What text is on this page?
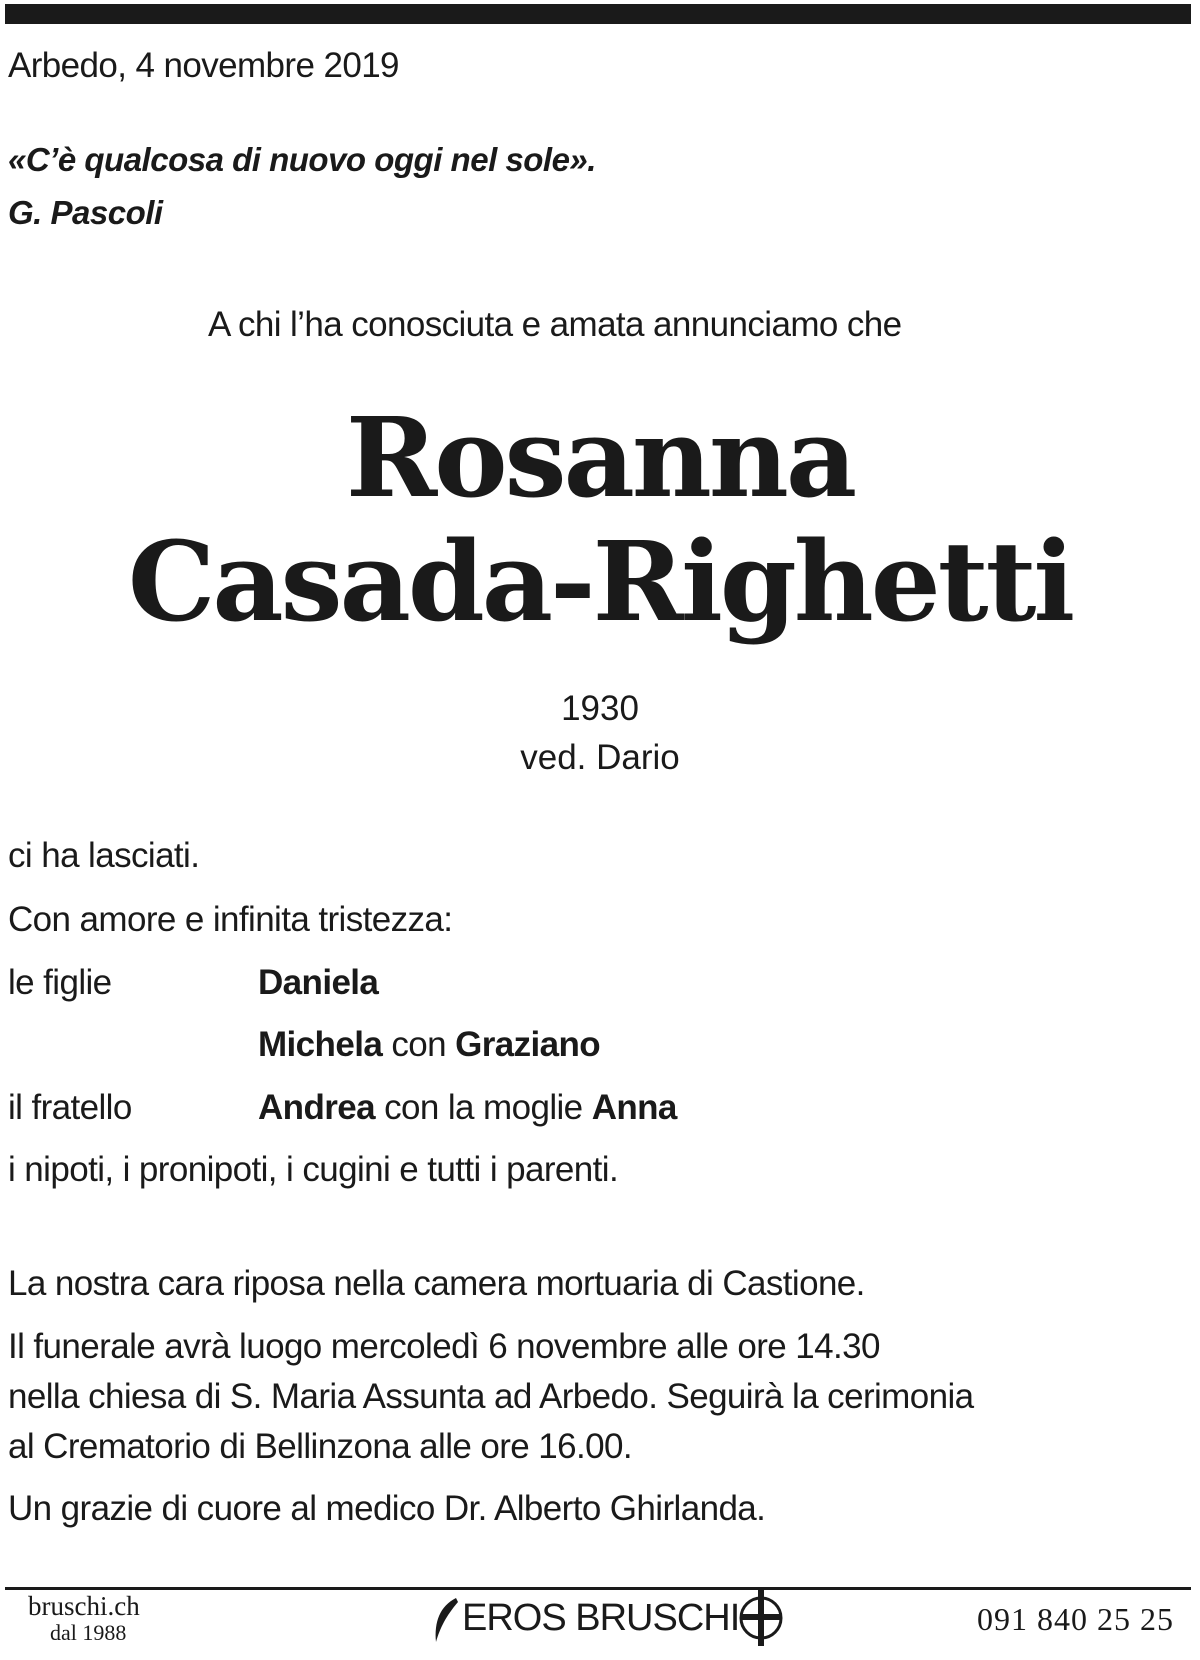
Arbedo, 4 novembre 2019
«C’è qualcosa di nuovo oggi nel sole».
G. Pascoli
A chi l’ha conosciuta e amata annunciamo che
Rosanna
Casada-Righetti
1930
ved. Dario
ci ha lasciati.
Con amore e infinita tristezza:
le figlie	Daniela
Michela con Graziano
il fratello	Andrea con la moglie Anna
i nipoti, i pronipoti, i cugini e tutti i parenti.
La nostra cara riposa nella camera mortuaria di Castione.
Il funerale avrà luogo mercoledì 6 novembre alle ore 14.30
nella chiesa di S. Maria Assunta ad Arbedo. Seguirà la cerimonia
al Crematorio di Bellinzona alle ore 16.00.
Un grazie di cuore al medico Dr. Alberto Ghirlanda.
bruschi.ch
dal 1988	EROS BRUSCHI	091 840 25 25
